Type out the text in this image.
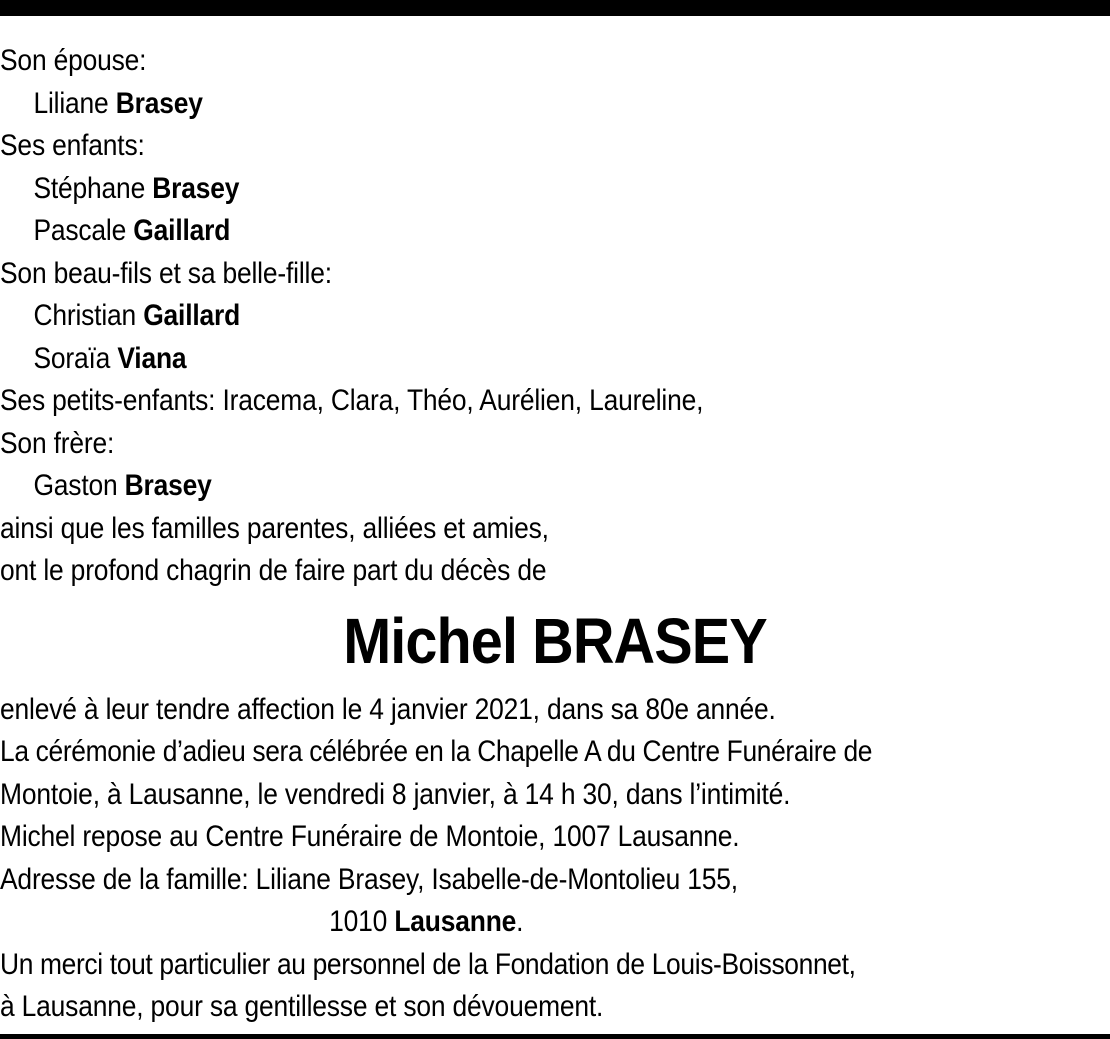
Son épouse:
Liliane Brasey
Ses enfants:
Stéphane Brasey
Pascale Gaillard
Son beau-fils et sa belle-fille:
Christian Gaillard
Soraïa Viana
Ses petits-enfants: Iracema, Clara, Théo, Aurélien, Laureline,
Son frère:
Gaston Brasey
ainsi que les familles parentes, alliées et amies,
ont le profond chagrin de faire part du décès de
Michel BRASEY
enlevé à leur tendre affection le 4 janvier 2021, dans sa 80e année.
La cérémonie d’adieu sera célébrée en la Chapelle A du Centre Funéraire de
Montoie, à Lausanne, le vendredi 8 janvier, à 14 h 30, dans l’intimité.
Michel repose au Centre Funéraire de Montoie, 1007 Lausanne.
Adresse de la famille: Liliane Brasey, Isabelle-de-Montolieu 155,
1010 Lausanne.
Un merci tout particulier au personnel de la Fondation de Louis-Boissonnet,
à Lausanne, pour sa gentillesse et son dévouement.
